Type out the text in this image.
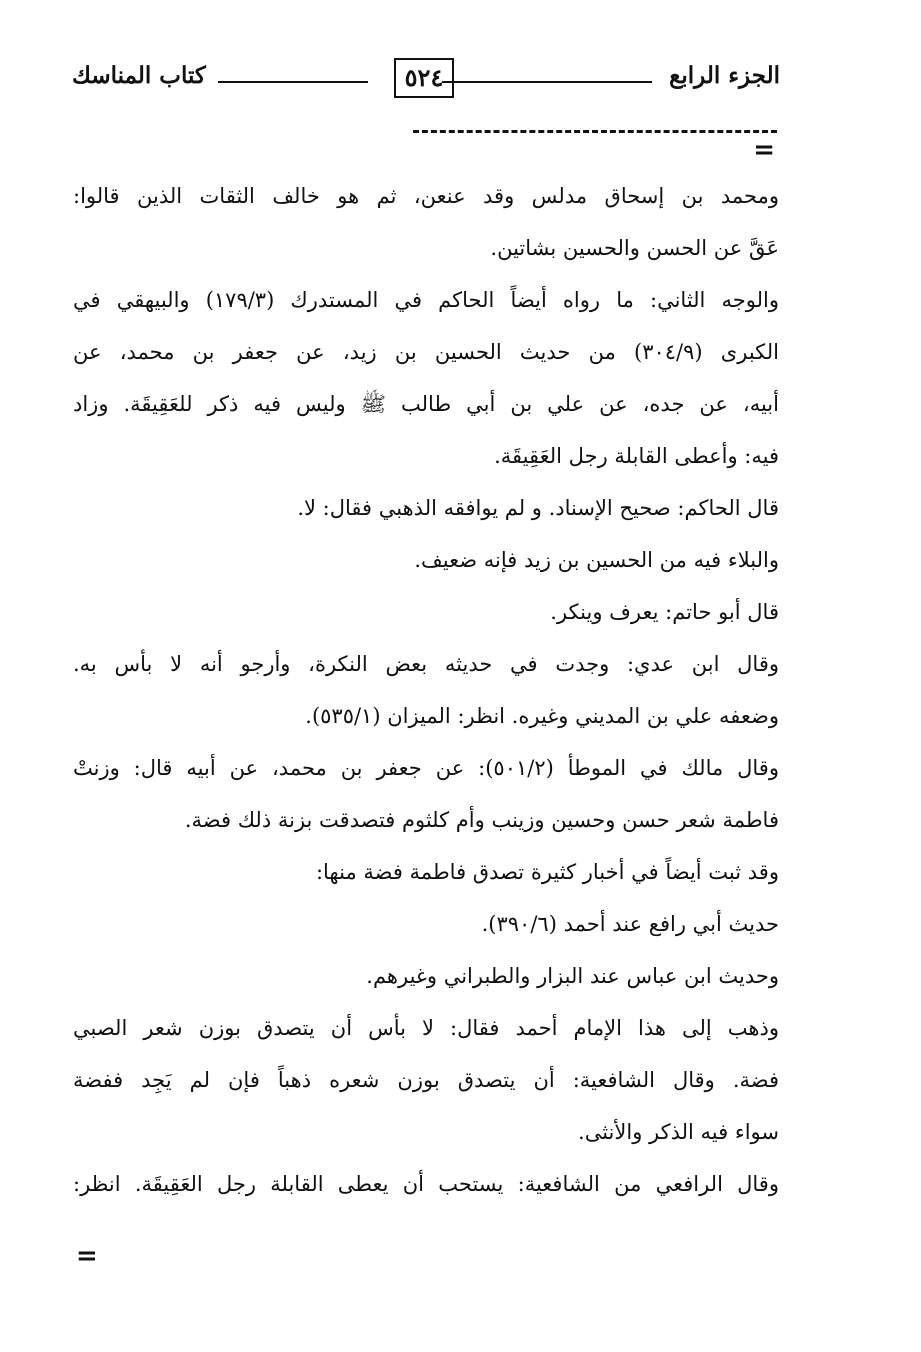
الجزء الرابع
٥٢٤
كتاب المناسك
=
ومحمد بن إسحاق مدلس وقد عنعن، ثم هو خالف الثقات الذين قالوا:
عَقَّ عن الحسن والحسين بشاتين.
والوجه الثاني: ما رواه أيضاً الحاكم في المستدرك (١٧٩/٣) والبيهقي في
الكبرى (٣٠٤/٩) من حديث الحسين بن زيد، عن جعفر بن محمد، عن
أبيه، عن جده، عن علي بن أبي طالب ﷺ وليس فيه ذكر للعَقِيقَة. وزاد
فيه: وأعطى القابلة رجل العَقِيقَة.
قال الحاكم: صحيح الإسناد. و لم يوافقه الذهبي فقال: لا.
والبلاء فيه من الحسين بن زيد فإنه ضعيف.
قال أبو حاتم: يعرف وينكر.
وقال ابن عدي: وجدت في حديثه بعض النكرة، وأرجو أنه لا بأس به.
وضعفه علي بن المديني وغيره. انظر: الميزان (٥٣٥/١).
وقال مالك في الموطأ (٥٠١/٢): عن جعفر بن محمد، عن أبيه قال: وزنتْ
فاطمة شعر حسن وحسين وزينب وأم كلثوم فتصدقت بزنة ذلك فضة.
وقد ثبت أيضاً في أخبار كثيرة تصدق فاطمة فضة منها:
حديث أبي رافع عند أحمد (٣٩٠/٦).
وحديث ابن عباس عند البزار والطبراني وغيرهم.
وذهب إلى هذا الإمام أحمد فقال: لا بأس أن يتصدق بوزن شعر الصبي
فضة. وقال الشافعية: أن يتصدق بوزن شعره ذهباً فإن لم يَجِد ففضة
سواء فيه الذكر والأنثى.
وقال الرافعي من الشافعية: يستحب أن يعطى القابلة رجل العَقِيقَة. انظر:
=
